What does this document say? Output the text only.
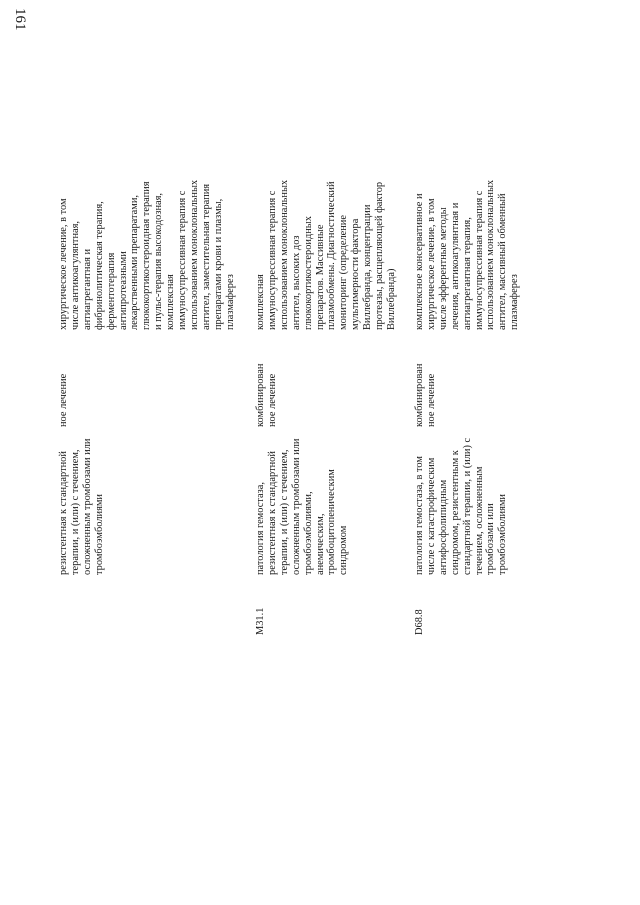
161
резистентная к стандартной
терапии, и (или) с течением,
осложненным тромбозами или
тромбоэмболиями
ное лечение
хирургическое лечение, в том
числе антикоагулянтная,
антиагрегантная и
фибринолитическая терапия,
ферментотерапия
антипротеазными
лекарственными препаратами,
глюкокортикостероидная терапия
и пульс-терапия высокодозная,
комплексная
иммуносупрессивная терапия с
использованием моноклональных
антител, заместительная терапия
препаратами крови и плазмы,
плазмаферез
М31.1
патология гемостаза,
резистентная к стандартной
терапии, и (или) с течением,
осложненным тромбозами или
тромбоэмболиями,
анемическим,
тромбоцитопеническим
синдромом
комбинирован
ное лечение
комплексная
иммуносупрессивная терапия с
использованием моноклональных
антител, высоких доз
глюкокортикостероидных
препаратов. Массивные
плазмообмены. Диагностический
мониторинг (определение
мультимерности фактора
Виллебранда, концентрации
протеазы, расщепляющей фактор
Виллебранда)
D68.8
патология гемостаза, в том
числе с катастрофическим
антифосфолипидным
синдромом, резистентным к
стандартной терапии, и (или) с
течением, осложненным
тромбозами или
тромбоэмболиями
комбинирован
ное лечение
комплексное консервативное и
хирургическое лечение, в том
числе эфферентные методы
лечения, антикоагулянтная и
антиагрегантная терапия,
иммуносупрессивная терапия с
использованием моноклональных
антител, массивный обменный
плазмаферез
